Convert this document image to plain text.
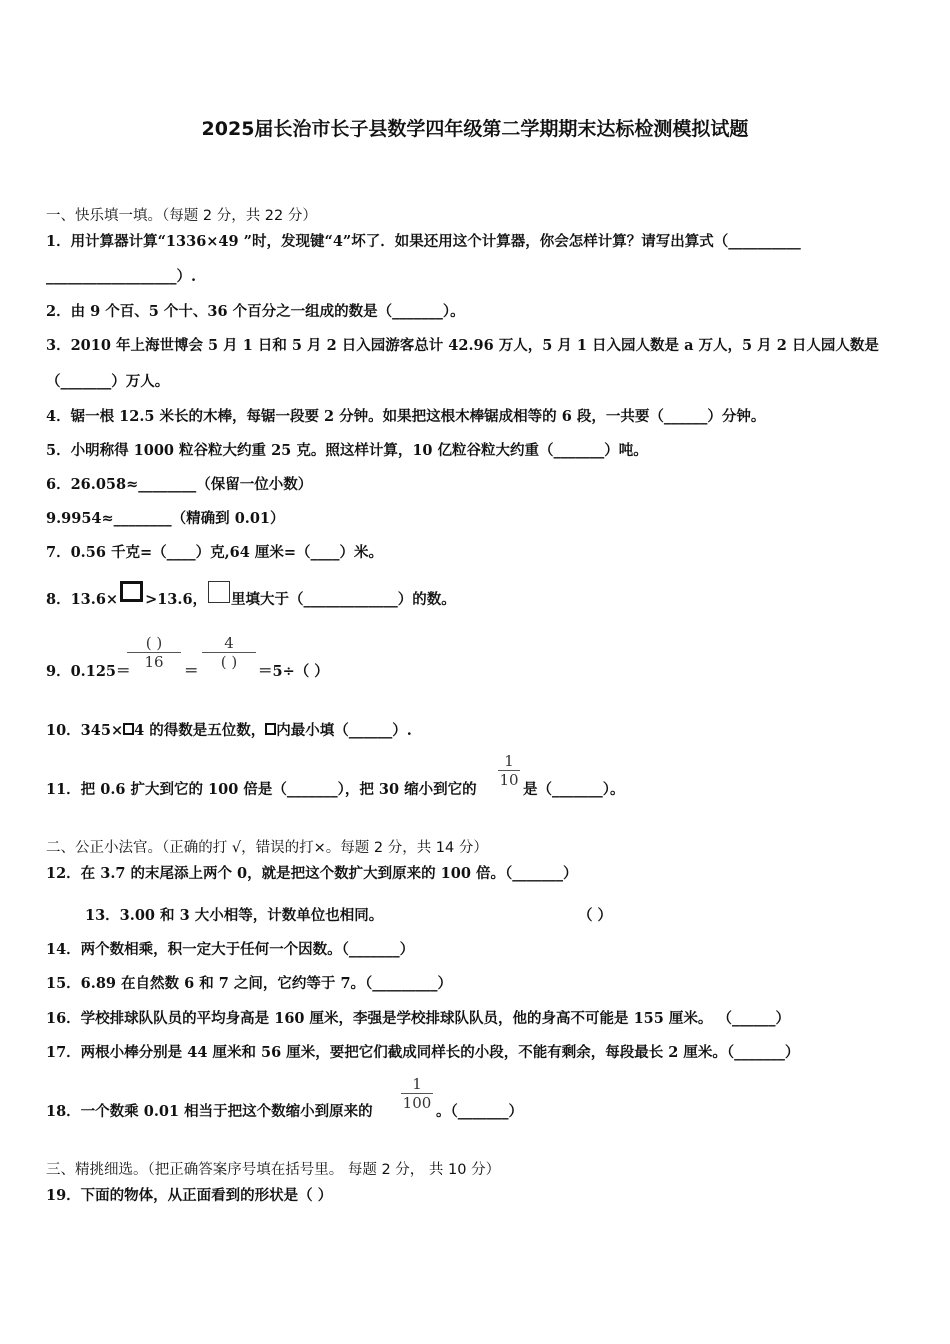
2025届长治市长子县数学四年级第二学期期末达标检测模拟试题
一、快乐填一填。（每题 2 分，共 22 分）
1．用计算器计算“1336×49 ”时，发现键“4”坏了．如果还用这个计算器，你会怎样计算？请写出算式（__________
__________________）.
2．由 9 个百、5 个十、36 个百分之一组成的数是（_______）。
3．2010 年上海世博会 5 月 1 日和 5 月 2 日入园游客总计 42.96 万人，5 月 1 日入园人数是 a 万人，5 月 2 日人园人数是
（_______）万人。
4．锯一根 12.5 米长的木棒，每锯一段要 2 分钟。如果把这根木棒锯成相等的 6 段，一共要（______）分钟。
5．小明称得 1000 粒谷粒大约重 25 克。照这样计算，10 亿粒谷粒大约重（_______）吨。
6．26.058≈________（保留一位小数）
9.9954≈________（精确到 0.01）
7．0.56 千克=（____）克,64 厘米=（____）米。
8．13.6× >13.6， 里填大于（_____________）的数。
9．0.125＝
( )
16
＝
4
( )
＝5÷（ ）
10．345× 4 的得数是五位数， 内最小填（______）.
11．把 0.6 扩大到它的 100 倍是（_______），把 30 缩小到它的
1
10
是（_______）。
二、公正小法官。（正确的打 √，错误的打×。每题 2 分，共 14 分）
12．在 3.7 的末尾添上两个 0，就是把这个数扩大到原来的 100 倍。（_______）
13．3.00 和 3 大小相等，计数单位也相同。	（ ）
14．两个数相乘，积一定大于任何一个因数。（_______）
15．6.89 在自然数 6 和 7 之间，它约等于 7。（_________）
16．学校排球队队员的平均身高是 160 厘米，李强是学校排球队队员，他的身高不可能是 155 厘米。 （______）
17．两根小棒分别是 44 厘米和 56 厘米，要把它们截成同样长的小段，不能有剩余，每段最长 2 厘米。（_______）
18．一个数乘 0.01 相当于把这个数缩小到原来的
1
100 。（_______）
三、精挑细选。（把正确答案序号填在括号里。 每题 2 分， 共 10 分）
19．下面的物体，从正面看到的形状是（ ）
